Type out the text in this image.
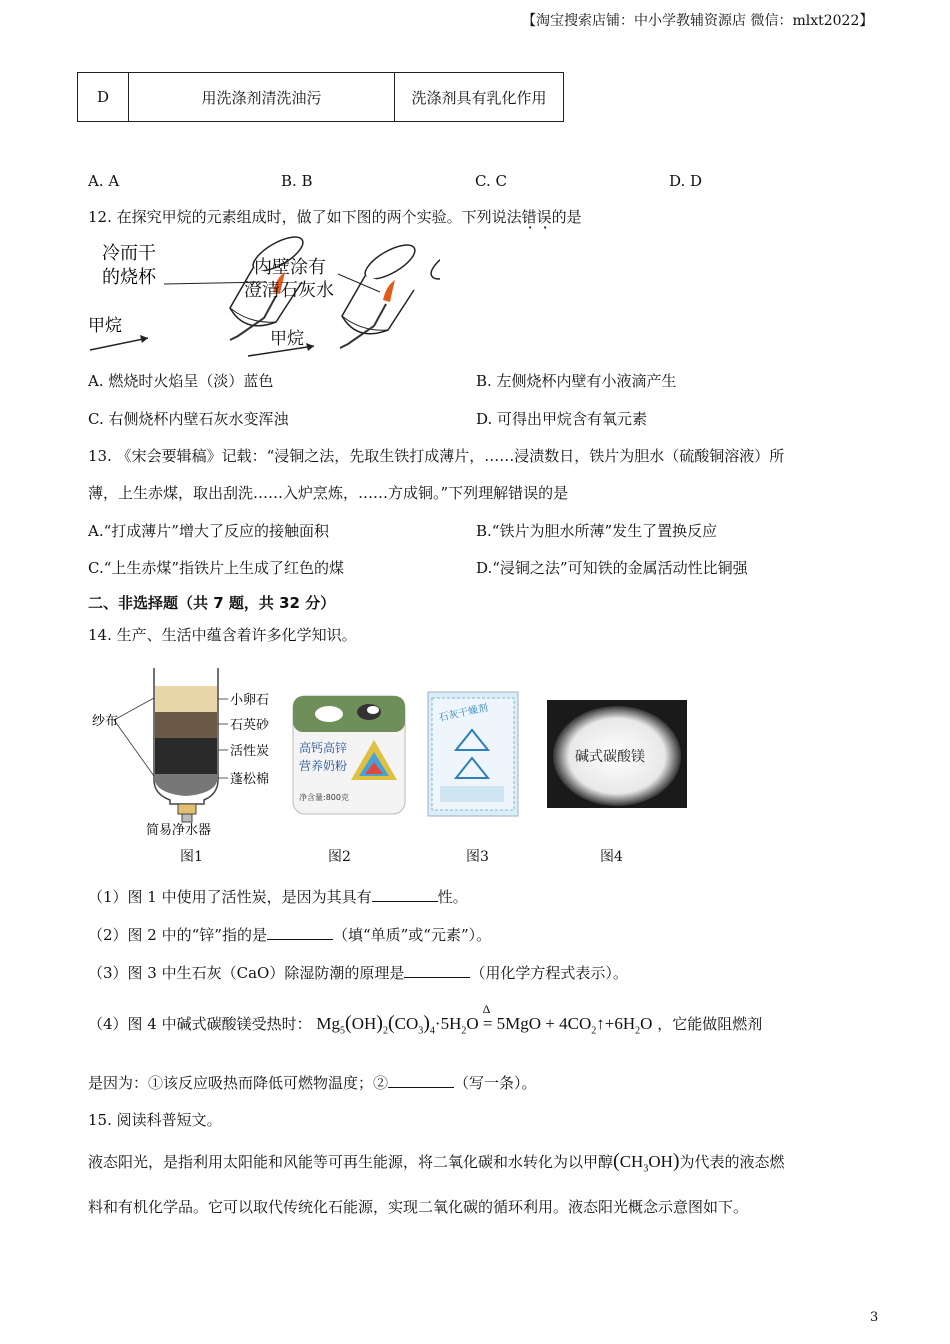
【淘宝搜索店铺：中小学教辅资源店 微信：mlxt2022】
D	用洗涤剂清洗油污	洗涤剂具有乳化作用
A. A	B. B	C. C	D. D
12. 在探究甲烷的元素组成时，做了如下图的两个实验。下列说法错误的是
冷而干
的烧杯
甲烷
内壁涂有
澄清石灰水
甲烷
A. 燃烧时火焰呈（淡）蓝色	B. 左侧烧杯内壁有小液滴产生
C. 右侧烧杯内壁石灰水变浑浊	D. 可得出甲烷含有氧元素
13. 《宋会要辑稿》记载：“浸铜之法，先取生铁打成薄片，……浸渍数日，铁片为胆水（硫酸铜溶液）所
薄，上生赤煤，取出刮洗……入炉烹炼，……方成铜。”下列理解错误的是
A.“打成薄片”增大了反应的接触面积	B.“铁片为胆水所薄”发生了置换反应
C.“上生赤煤”指铁片上生成了红色的煤	D.“浸铜之法”可知铁的金属活动性比铜强
二、非选择题（共 7 题，共 32 分）
14. 生产、生活中蕴含着许多化学知识。
纱布
小卵石
石英砂
活性炭
蓬松棉
简易净水器
高钙高锌
营养奶粉
净含量:800克
石灰干燥剂
碱式碳酸镁
图1	图2	图3	图4
（1）图 1 中使用了活性炭，是因为其具有	性。
（2）图 2 中的“锌”指的是	（填“单质”或“元素”）。
（3）图 3 中生石灰（CaO）除湿防潮的原理是	（用化学方程式表示）。
（4）图 4 中碱式碳酸镁受热时： $Mg_5(OH)_2(CO_3)_4\cdot 5H_2O$
Δ
= $5MgO + 4CO_2↑+6H_2O$ ，它能做阻燃剂
是因为：①该反应吸热而降低可燃物温度；②	（写一条）。
15. 阅读科普短文。
液态阳光，是指利用太阳能和风能等可再生能源，将二氧化碳和水转化为以甲醇$(CH_3OH)$为代表的液态燃
料和有机化学品。它可以取代传统化石能源，实现二氧化碳的循环利用。液态阳光概念示意图如下。
3
